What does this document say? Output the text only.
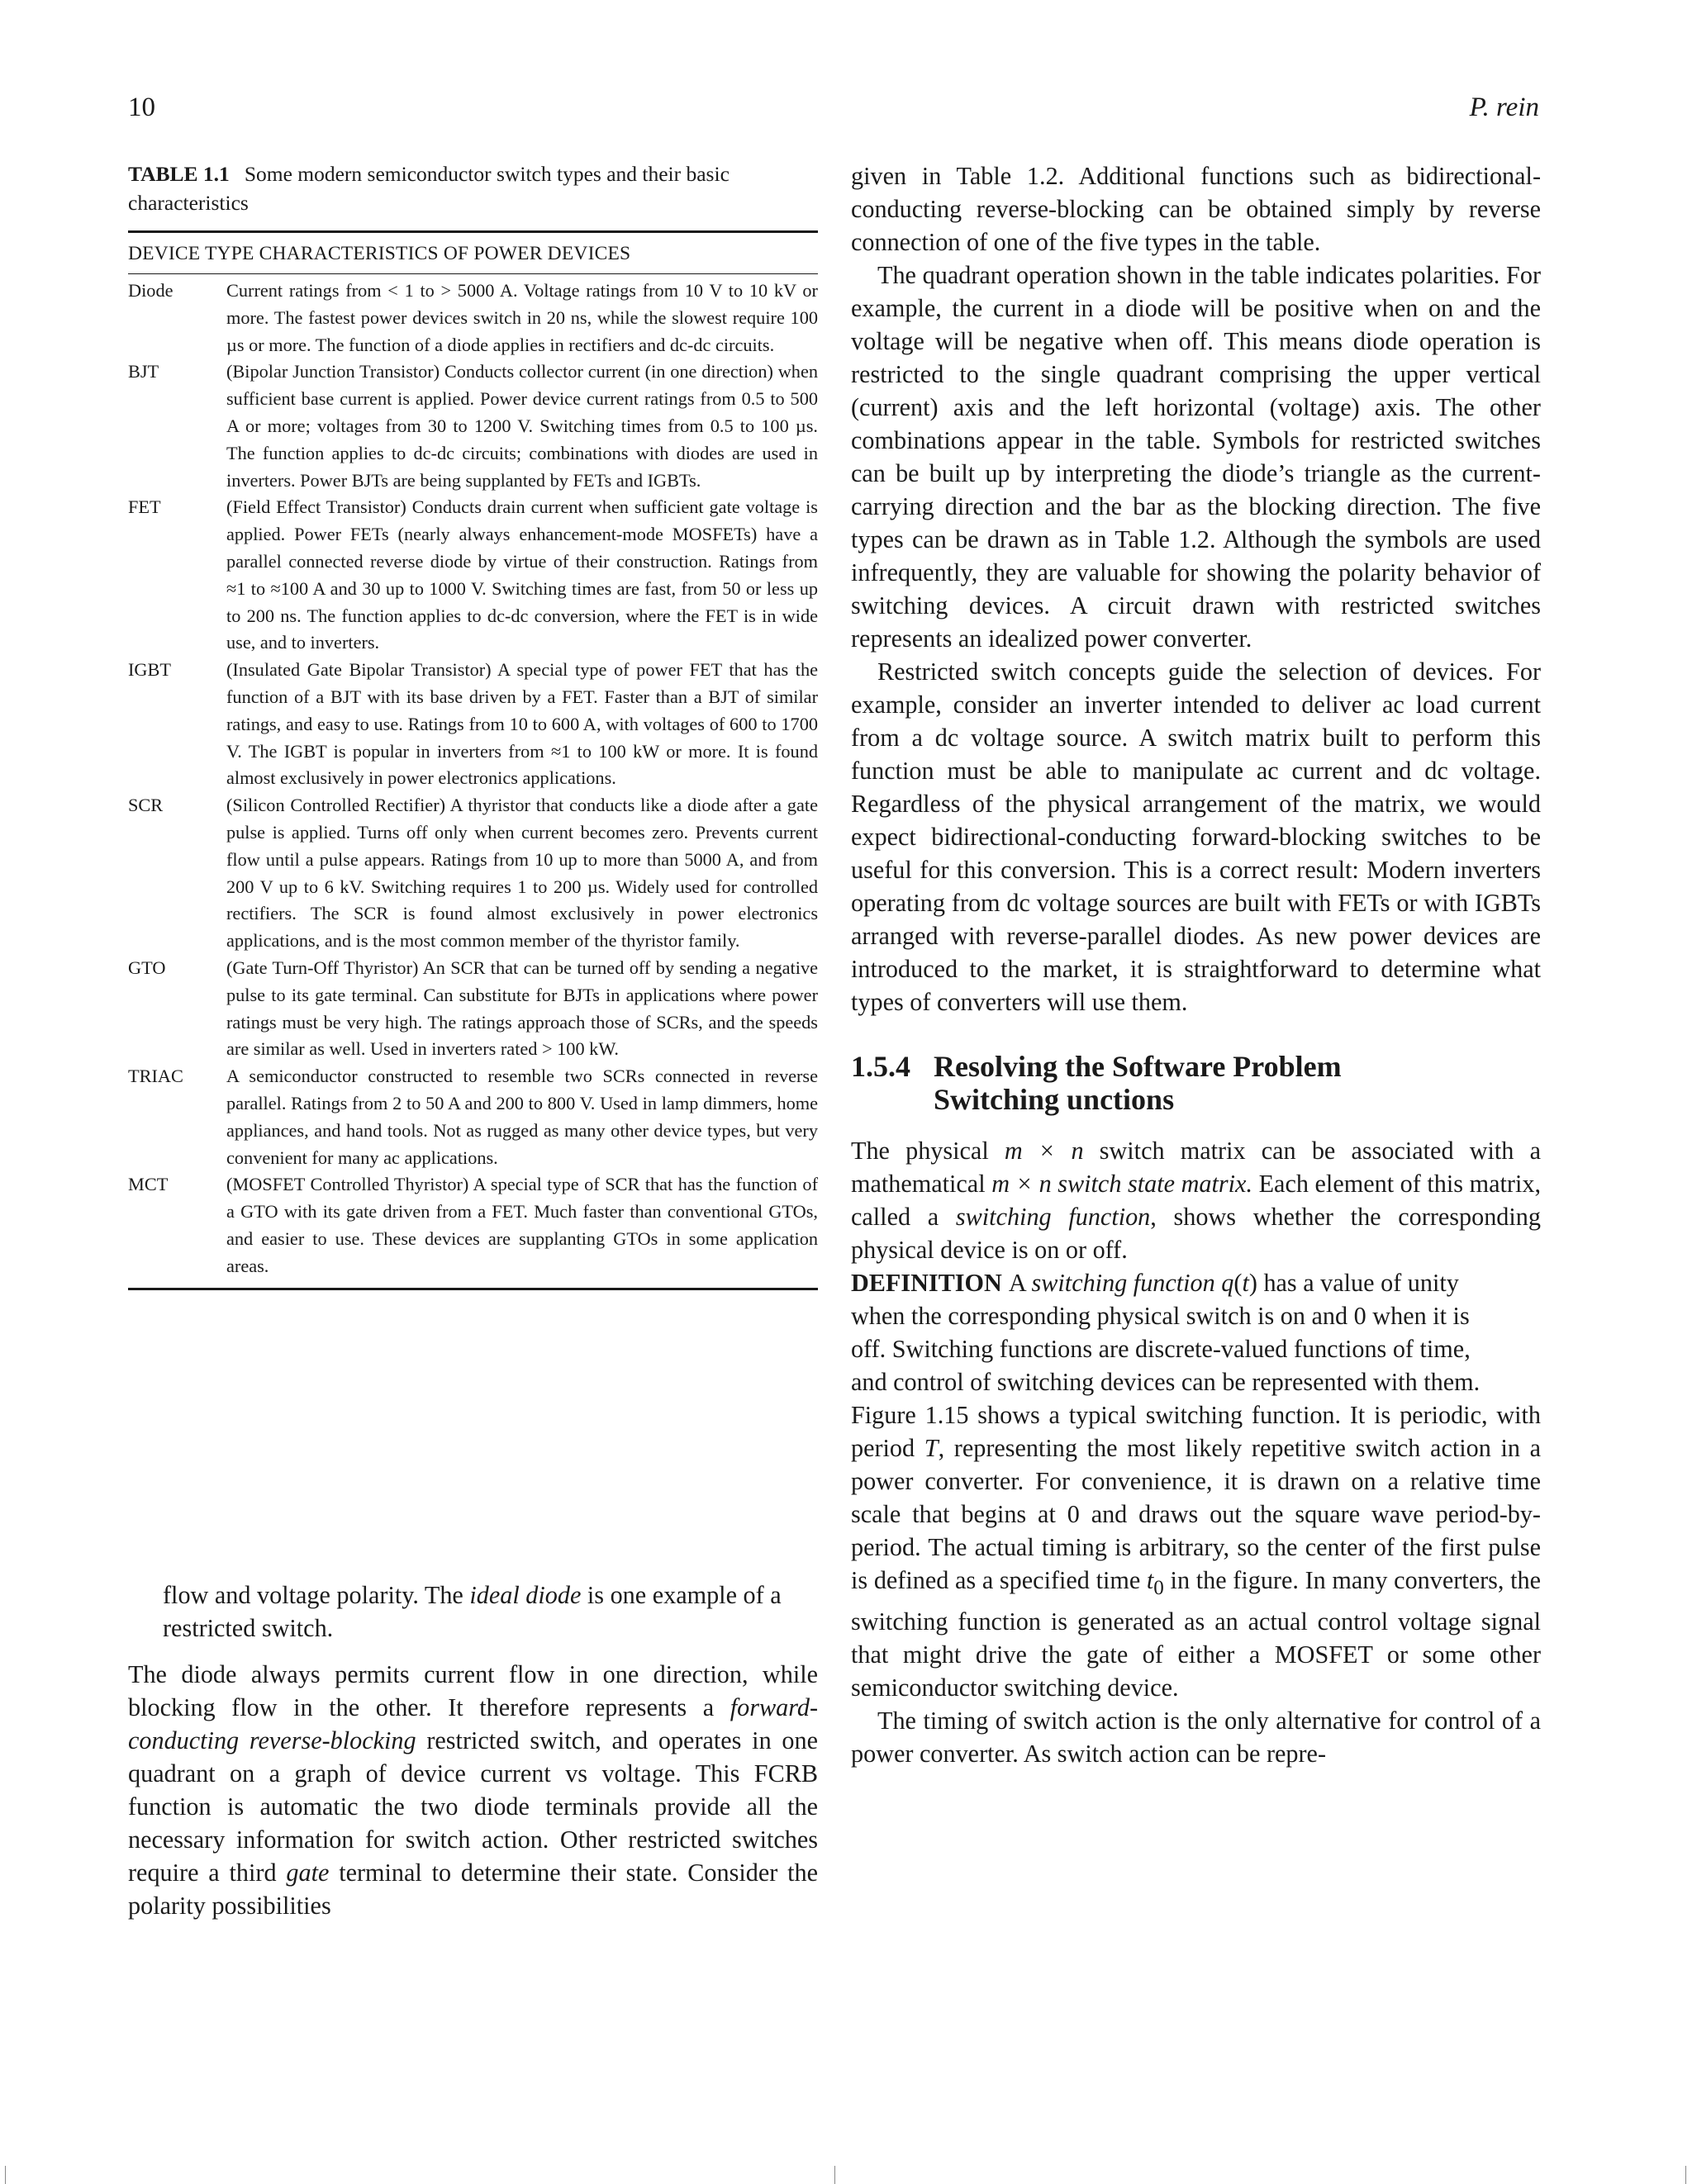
10	P. rein
TABLE 1.1 Some modern semiconductor switch types and their basic characteristics
DEVICE TYPE CHARACTERISTICS OF POWER DEVICES
Diode	Current ratings from < 1 to > 5000 A. Voltage ratings from 10 V to 10 kV or more. The fastest power devices switch in 20 ns, while the slowest require 100 µs or more. The function of a diode applies in rectifiers and dc-dc circuits.
BJT	(Bipolar Junction Transistor) Conducts collector current (in one direction) when sufficient base current is applied. Power device current ratings from 0.5 to 500 A or more; voltages from 30 to 1200 V. Switching times from 0.5 to 100 µs. The function applies to dc-dc circuits; combinations with diodes are used in inverters. Power BJTs are being supplanted by FETs and IGBTs.
FET	(Field Effect Transistor) Conducts drain current when sufficient gate voltage is applied. Power FETs (nearly always enhancement-mode MOSFETs) have a parallel connected reverse diode by virtue of their construction. Ratings from ≈1 to ≈100 A and 30 up to 1000 V. Switching times are fast, from 50 or less up to 200 ns. The function applies to dc-dc conversion, where the FET is in wide use, and to inverters.
IGBT	(Insulated Gate Bipolar Transistor) A special type of power FET that has the function of a BJT with its base driven by a FET. Faster than a BJT of similar ratings, and easy to use. Ratings from 10 to 600 A, with voltages of 600 to 1700 V. The IGBT is popular in inverters from ≈1 to 100 kW or more. It is found almost exclusively in power electronics applications.
SCR	(Silicon Controlled Rectifier) A thyristor that conducts like a diode after a gate pulse is applied. Turns off only when current becomes zero. Prevents current flow until a pulse appears. Ratings from 10 up to more than 5000 A, and from 200 V up to 6 kV. Switching requires 1 to 200 µs. Widely used for controlled rectifiers. The SCR is found almost exclusively in power electronics applications, and is the most common member of the thyristor family.
GTO	(Gate Turn-Off Thyristor) An SCR that can be turned off by sending a negative pulse to its gate terminal. Can substitute for BJTs in applications where power ratings must be very high. The ratings approach those of SCRs, and the speeds are similar as well. Used in inverters rated > 100 kW.
TRIAC	A semiconductor constructed to resemble two SCRs connected in reverse parallel. Ratings from 2 to 50 A and 200 to 800 V. Used in lamp dimmers, home appliances, and hand tools. Not as rugged as many other device types, but very convenient for many ac applications.
MCT	(MOSFET Controlled Thyristor) A special type of SCR that has the function of a GTO with its gate driven from a FET. Much faster than conventional GTOs, and easier to use. These devices are supplanting GTOs in some application areas.
flow and voltage polarity. The ideal diode is one example of a restricted switch.
The diode always permits current flow in one direction, while blocking flow in the other. It therefore represents a forward-conducting reverse-blocking restricted switch, and operates in one quadrant on a graph of device current vs voltage. This FCRB function is automatic the two diode terminals provide all the necessary information for switch action. Other restricted switches require a third gate terminal to determine their state. Consider the polarity possibilities

given in Table 1.2. Additional functions such as bidirectional-conducting reverse-blocking can be obtained simply by reverse connection of one of the five types in the table.

The quadrant operation shown in the table indicates polarities. For example, the current in a diode will be positive when on and the voltage will be negative when off. This means diode operation is restricted to the single quadrant comprising the upper vertical (current) axis and the left horizontal (voltage) axis. The other combinations appear in the table. Symbols for restricted switches can be built up by interpreting the diode’s triangle as the current-carrying direction and the bar as the blocking direction. The five types can be drawn as in Table 1.2. Although the symbols are used infrequently, they are valuable for showing the polarity behavior of switching devices. A circuit drawn with restricted switches represents an idealized power converter.

Restricted switch concepts guide the selection of devices. For example, consider an inverter intended to deliver ac load current from a dc voltage source. A switch matrix built to perform this function must be able to manipulate ac current and dc voltage. Regardless of the physical arrangement of the matrix, we would expect bidirectional-conducting forward-blocking switches to be useful for this conversion. This is a correct result: Modern inverters operating from dc voltage sources are built with FETs or with IGBTs arranged with reverse-parallel diodes. As new power devices are introduced to the market, it is straightforward to determine what types of converters will use them.

1.5.4 Resolving the Software Problem
Switching unctions

The physical m × n switch matrix can be associated with a mathematical m × n switch state matrix. Each element of this matrix, called a switching function, shows whether the corresponding physical device is on or off.

DEFINITION A switching function q(t) has a value of unity when the corresponding physical switch is on and 0 when it is off. Switching functions are discrete-valued functions of time, and control of switching devices can be represented with them.

Figure 1.15 shows a typical switching function. It is periodic, with period T, representing the most likely repetitive switch action in a power converter. For convenience, it is drawn on a relative time scale that begins at 0 and draws out the square wave period-by-period. The actual timing is arbitrary, so the center of the first pulse is defined as a specified time $t_0$ in the figure. In many converters, the switching function is generated as an actual control voltage signal that might drive the gate of either a MOSFET or some other semiconductor switching device.

The timing of switch action is the only alternative for control of a power converter. As switch action can be repre-
